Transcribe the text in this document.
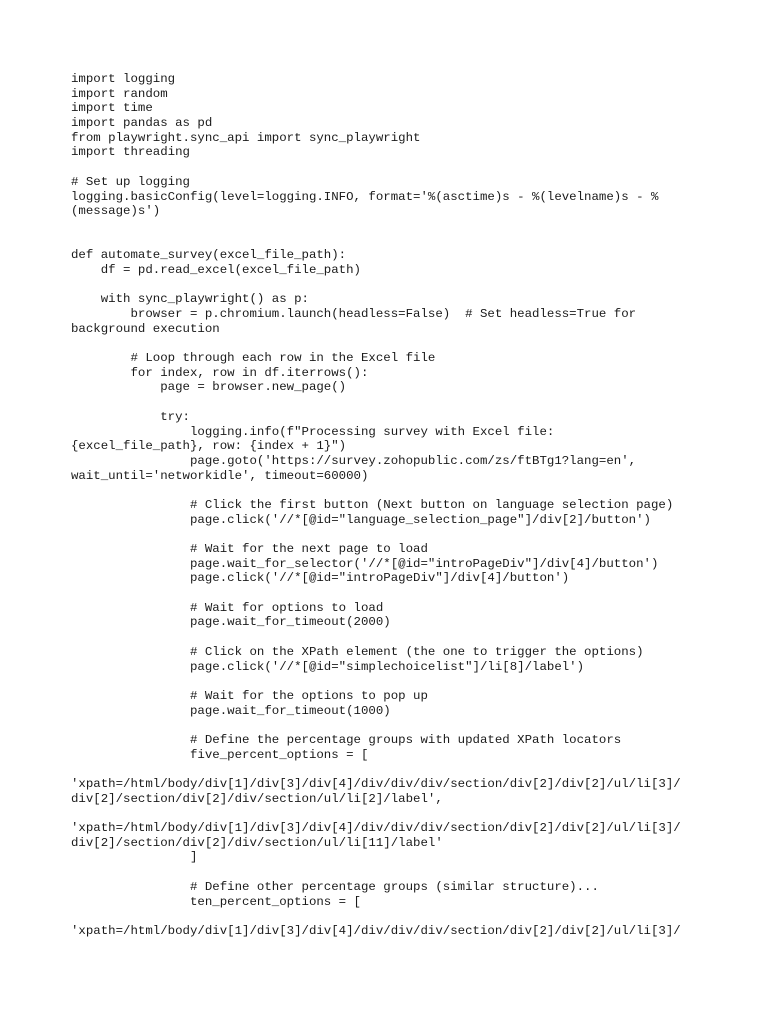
import logging
import random
import time
import pandas as pd
from playwright.sync_api import sync_playwright
import threading
# Set up logging
logging.basicConfig(level=logging.INFO, format='%(asctime)s - %(levelname)s - %
(message)s')
def automate_survey(excel_file_path):
df = pd.read_excel(excel_file_path)
with sync_playwright() as p:
browser = p.chromium.launch(headless=False)  # Set headless=True for
background execution
# Loop through each row in the Excel file
for index, row in df.iterrows():
page = browser.new_page()
try:
logging.info(f"Processing survey with Excel file:
{excel_file_path}, row: {index + 1}")
page.goto('https://survey.zohopublic.com/zs/ftBTg1?lang=en',
wait_until='networkidle', timeout=60000)
# Click the first button (Next button on language selection page)
page.click('//*[@id="language_selection_page"]/div[2]/button')
# Wait for the next page to load
page.wait_for_selector('//*[@id="introPageDiv"]/div[4]/button')
page.click('//*[@id="introPageDiv"]/div[4]/button')
# Wait for options to load
page.wait_for_timeout(2000)
# Click on the XPath element (the one to trigger the options)
page.click('//*[@id="simplechoicelist"]/li[8]/label')
# Wait for the options to pop up
page.wait_for_timeout(1000)
# Define the percentage groups with updated XPath locators
five_percent_options = [
'xpath=/html/body/div[1]/div[3]/div[4]/div/div/div/section/div[2]/div[2]/ul/li[3]/
div[2]/section/div[2]/div/section/ul/li[2]/label',
'xpath=/html/body/div[1]/div[3]/div[4]/div/div/div/section/div[2]/div[2]/ul/li[3]/
div[2]/section/div[2]/div/section/ul/li[11]/label'
]
# Define other percentage groups (similar structure)...
ten_percent_options = [
'xpath=/html/body/div[1]/div[3]/div[4]/div/div/div/section/div[2]/div[2]/ul/li[3]/
